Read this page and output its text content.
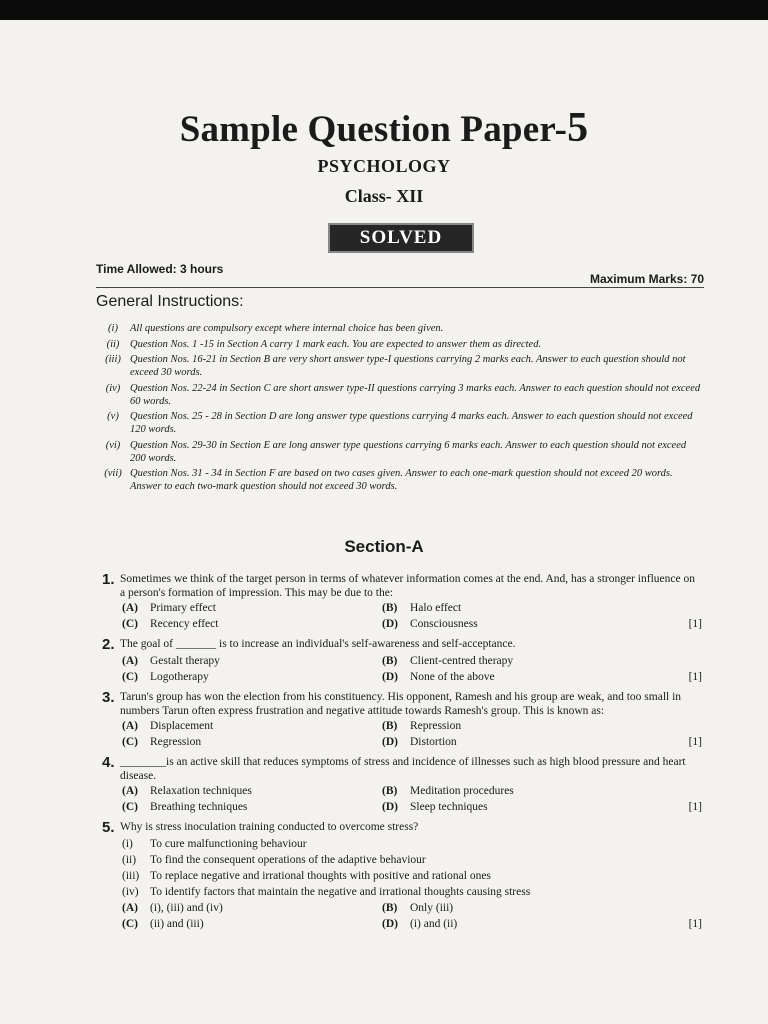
Sample Question Paper-5
PSYCHOLOGY
Class- XII
SOLVED
Time Allowed: 3 hours
Maximum Marks: 70
General Instructions:
(i)	All questions are compulsory except where internal choice has been given.
(ii)	Question Nos. 1 -15 in Section A carry 1 mark each. You are expected to answer them as directed.
(iii) Question Nos. 16-21 in Section B are very short answer type-I questions carrying 2 marks each. Answer to each question should not exceed 30 words.
(iv) Question Nos. 22-24 in Section C are short answer type-II questions carrying 3 marks each. Answer to each question should not exceed 60 words.
(v)	Question Nos. 25 - 28 in Section D are long answer type questions carrying 4 marks each. Answer to each question should not exceed 120 words.
(vi) Question Nos. 29-30 in Section E are long answer type questions carrying 6 marks each. Answer to each question should not exceed 200 words.
(vii) Question Nos. 31 - 34 in Section F are based on two cases given. Answer to each one-mark question should not exceed 20 words. Answer to each two-mark question should not exceed 30 words.
Section-A
1. Sometimes we think of the target person in terms of whatever information comes at the end. And, has a stronger influence on a person's formation of impression. This may be due to the:
(A)	Primary effect	(B)	Halo effect
(C)	Recency effect	(D)	Consciousness	[1]
2. The goal of _______ is to increase an individual's self-awareness and self-acceptance.
(A)	Gestalt therapy	(B)	Client-centred therapy
(C)	Logotherapy	(D)	None of the above	[1]
3. Tarun's group has won the election from his constituency. His opponent, Ramesh and his group are weak, and too small in numbers Tarun often express frustration and negative attitude towards Ramesh's group. This is known as:
(A)	Displacement	(B)	Repression
(C)	Regression	(D)	Distortion	[1]
4. ________is an active skill that reduces symptoms of stress and incidence of illnesses such as high blood pressure and heart disease.
(A)	Relaxation techniques	(B)	Meditation procedures
(C)	Breathing techniques	(D)	Sleep techniques	[1]
5. Why is stress inoculation training conducted to overcome stress?
(i)	To cure malfunctioning behaviour
(ii)	To find the consequent operations of the adaptive behaviour
(iii) To replace negative and irrational thoughts with positive and rational ones
(iv) To identify factors that maintain the negative and irrational thoughts causing stress
(A)	(i), (iii) and (iv)	(B)	Only (iii)
(C)	(ii) and (iii)	(D)	(i) and (ii)	[1]
